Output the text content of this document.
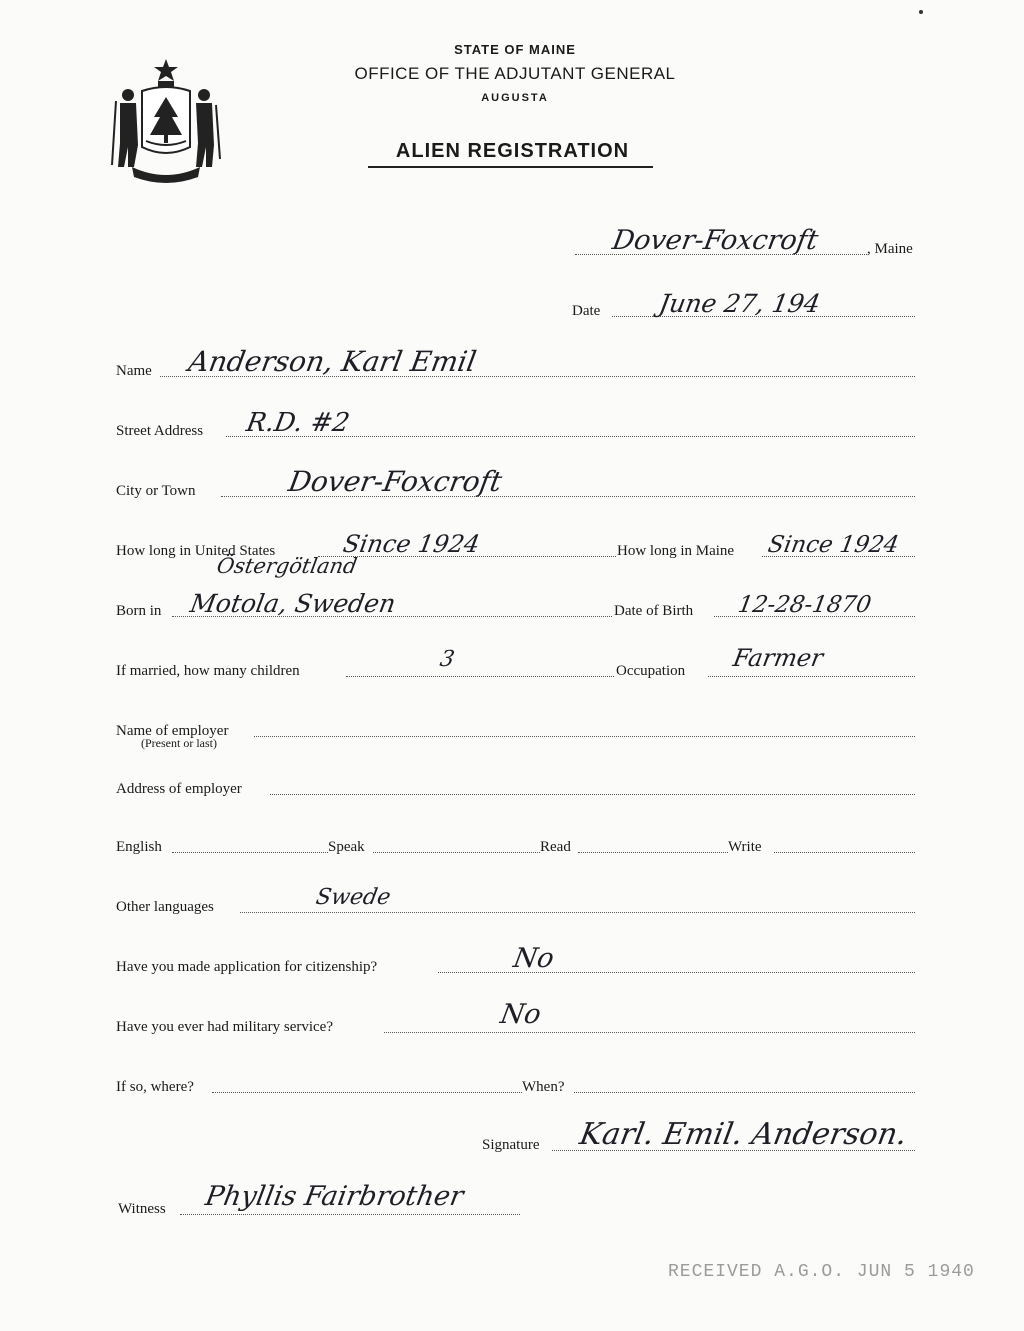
STATE OF MAINE
OFFICE OF THE ADJUTANT GENERAL
AUGUSTA
ALIEN REGISTRATION
Dover-Foxcroft	, Maine
Date June 27, 194
Name Anderson, Karl Emil
Street Address R.D. #2
City or Town	Dover-Foxcroft
How long in United States	Since 1924	How long in Maine Since 1924
Östergötland
Born in Motola, Sweden	Date of Birth 12-28-1870
If married, how many children	3	Occupation Farmer
Name of employer
(Present or last)
Address of employer
English	Speak	Read	Write
Other languages	Swede
Have you made application for citizenship?	No
Have you ever had military service?	No
If so, where?	When?
Signature Karl. Emil. Anderson.
Witness Phyllis Fairbrother
RECEIVED A.G.O. JUN 5 1940
